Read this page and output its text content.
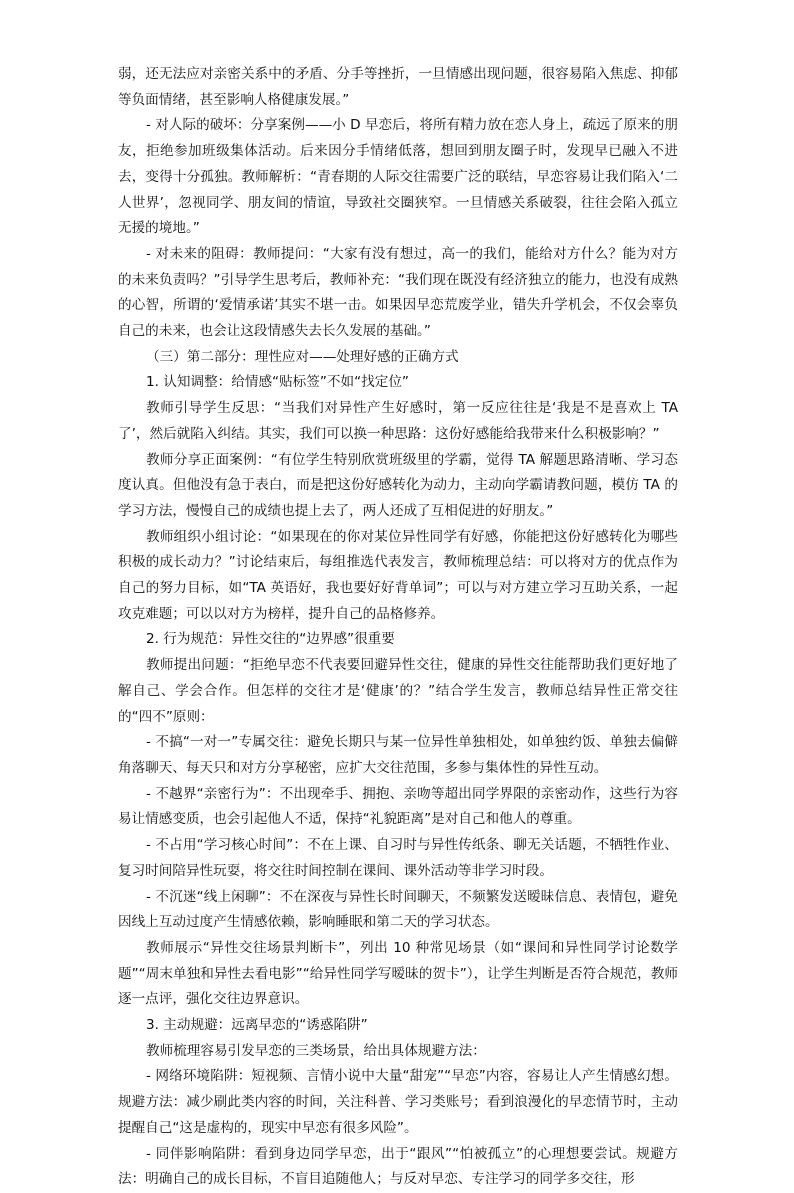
弱，还无法应对亲密关系中的矛盾、分手等挫折，一旦情感出现问题，很容易陷入焦虑、抑郁等负面情绪，甚至影响人格健康发展。”

- 对人际的破坏：分享案例——小 D 早恋后，将所有精力放在恋人身上，疏远了原来的朋友，拒绝参加班级集体活动。后来因分手情绪低落，想回到朋友圈子时，发现早已融入不进去，变得十分孤独。教师解析：“青春期的人际交往需要广泛的联结，早恋容易让我们陷入‘二人世界’，忽视同学、朋友间的情谊，导致社交圈狭窄。一旦情感关系破裂，往往会陷入孤立无援的境地。”

- 对未来的阻碍：教师提问：“大家有没有想过，高一的我们，能给对方什么？能为对方的未来负责吗？”引导学生思考后，教师补充：“我们现在既没有经济独立的能力，也没有成熟的心智，所谓的‘爱情承诺’其实不堪一击。如果因早恋荒废学业，错失升学机会，不仅会辜负自己的未来，也会让这段情感失去长久发展的基础。”

（三）第二部分：理性应对——处理好感的正确方式

1. 认知调整：给情感“贴标签”不如“找定位”

教师引导学生反思：“当我们对异性产生好感时，第一反应往往是‘我是不是喜欢上 TA 了’，然后就陷入纠结。其实，我们可以换一种思路：这份好感能给我带来什么积极影响？”

教师分享正面案例：“有位学生特别欣赏班级里的学霸，觉得 TA 解题思路清晰、学习态度认真。但他没有急于表白，而是把这份好感转化为动力，主动向学霸请教问题，模仿 TA 的学习方法，慢慢自己的成绩也提上去了，两人还成了互相促进的好朋友。”

教师组织小组讨论：“如果现在的你对某位异性同学有好感，你能把这份好感转化为哪些积极的成长动力？”讨论结束后，每组推选代表发言，教师梳理总结：可以将对方的优点作为自己的努力目标，如“TA 英语好，我也要好好背单词”；可以与对方建立学习互助关系，一起攻克难题；可以以对方为榜样，提升自己的品格修养。

2. 行为规范：异性交往的“边界感”很重要

教师提出问题：“拒绝早恋不代表要回避异性交往，健康的异性交往能帮助我们更好地了解自己、学会合作。但怎样的交往才是‘健康’的？”结合学生发言，教师总结异性正常交往的“四不”原则：

- 不搞“一对一”专属交往：避免长期只与某一位异性单独相处，如单独约饭、单独去偏僻角落聊天、每天只和对方分享秘密，应扩大交往范围，多参与集体性的异性互动。

- 不越界“亲密行为”：不出现牵手、拥抱、亲吻等超出同学界限的亲密动作，这些行为容易让情感变质，也会引起他人不适，保持“礼貌距离”是对自己和他人的尊重。

- 不占用“学习核心时间”：不在上课、自习时与异性传纸条、聊无关话题，不牺牲作业、复习时间陪异性玩耍，将交往时间控制在课间、课外活动等非学习时段。

- 不沉迷“线上闲聊”：不在深夜与异性长时间聊天，不频繁发送暧昧信息、表情包，避免因线上互动过度产生情感依赖，影响睡眠和第二天的学习状态。

教师展示“异性交往场景判断卡”，列出 10 种常见场景（如“课间和异性同学讨论数学题”“周末单独和异性去看电影”“给异性同学写暧昧的贺卡”），让学生判断是否符合规范，教师逐一点评，强化交往边界意识。

3. 主动规避：远离早恋的“诱惑陷阱”

教师梳理容易引发早恋的三类场景，给出具体规避方法：

- 网络环境陷阱：短视频、言情小说中大量“甜宠”“早恋”内容，容易让人产生情感幻想。规避方法：减少刷此类内容的时间，关注科普、学习类账号；看到浪漫化的早恋情节时，主动提醒自己“这是虚构的，现实中早恋有很多风险”。

- 同伴影响陷阱：看到身边同学早恋，出于“跟风”“怕被孤立”的心理想要尝试。规避方法：明确自己的成长目标，不盲目追随他人；与反对早恋、专注学习的同学多交往，形
